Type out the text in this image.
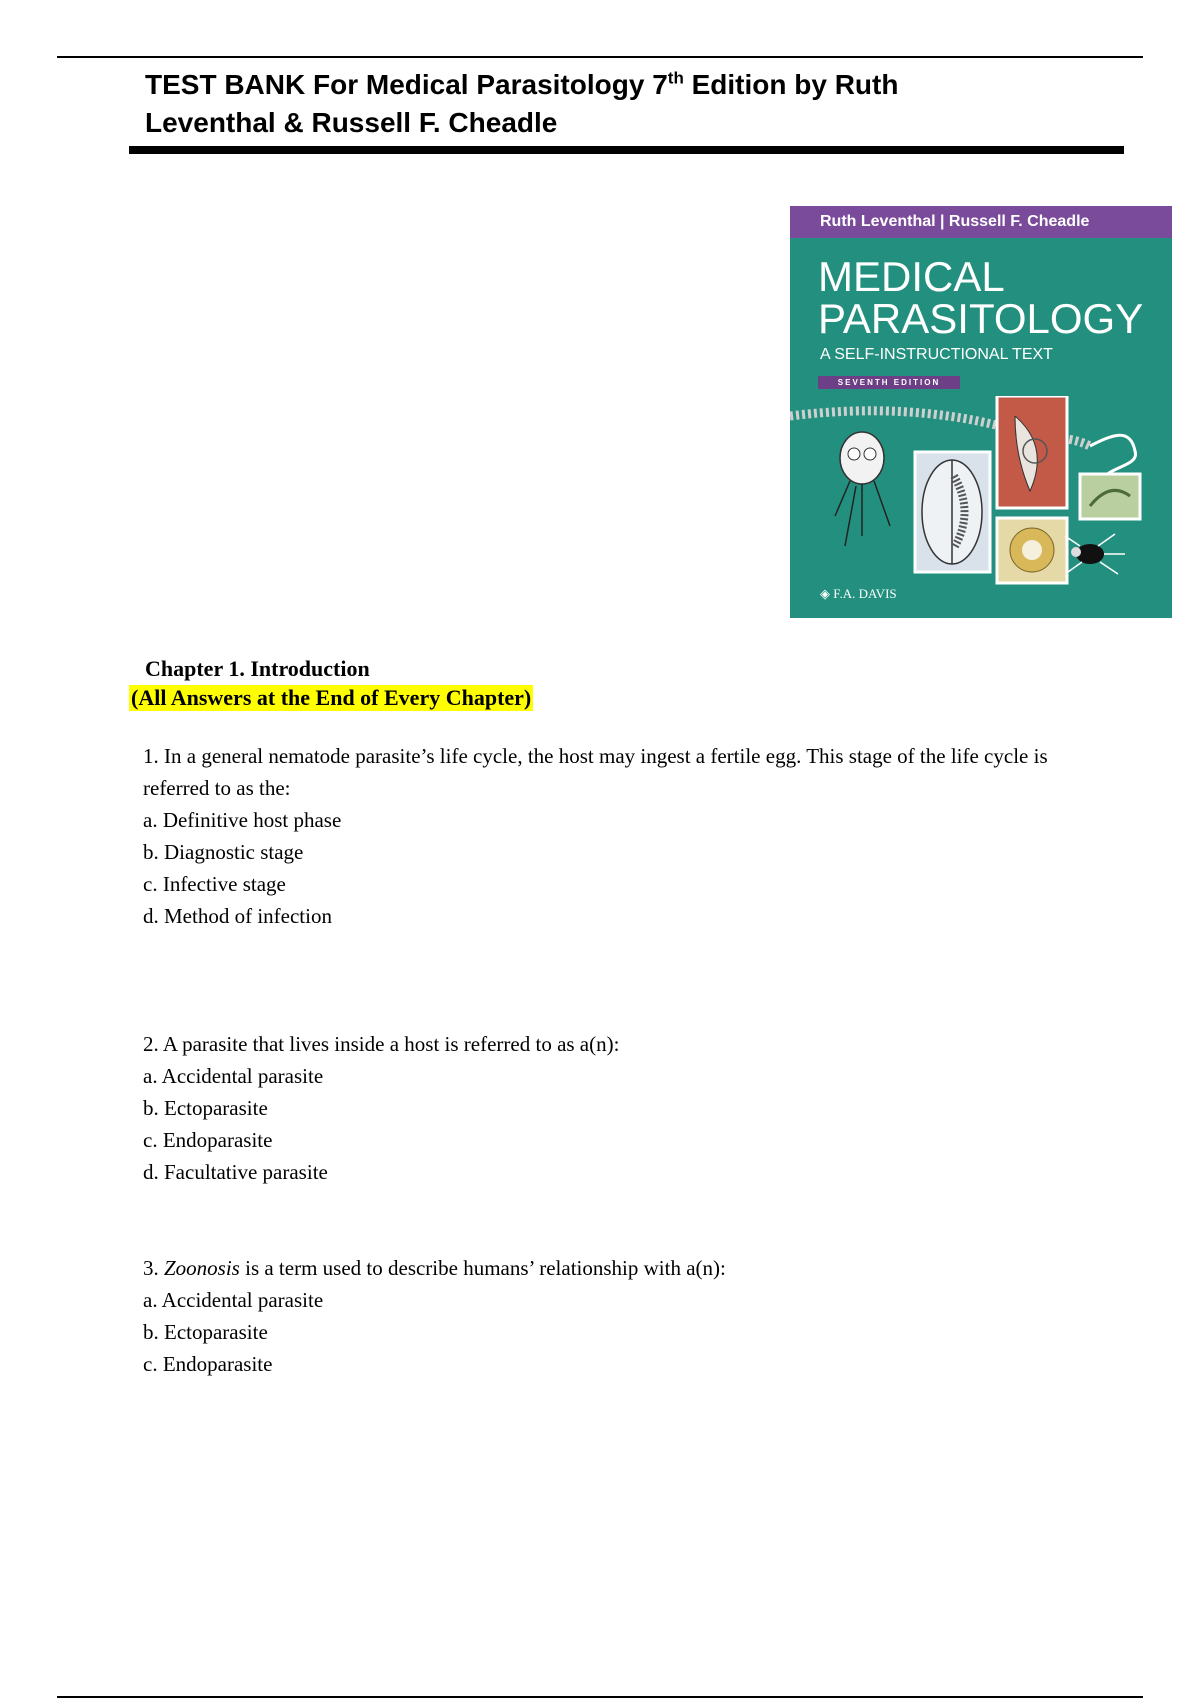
TEST BANK For Medical Parasitology 7th Edition by Ruth
Leventhal & Russell F. Cheadle
Ruth Leventhal | Russell F. Cheadle
MEDICAL
PARASITOLOGY
A SELF-INSTRUCTIONAL TEXT
SEVENTH EDITION
◈ F.A. DAVIS
Chapter 1. Introduction
(All Answers at the End of Every Chapter)

1. In a general nematode parasite’s life cycle, the host may ingest a fertile egg. This stage of the life cycle is referred to as the:

a. Definitive host phase

b. Diagnostic stage

c. Infective stage

d. Method of infection

2. A parasite that lives inside a host is referred to as a(n):

a. Accidental parasite

b. Ectoparasite

c. Endoparasite

d. Facultative parasite

3. Zoonosis is a term used to describe humans’ relationship with a(n):

a. Accidental parasite

b. Ectoparasite

c. Endoparasite
